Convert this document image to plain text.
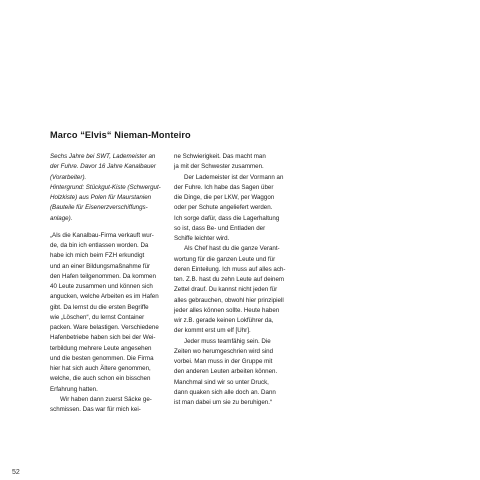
Marco “Elvis“ Nieman-Monteiro
Sechs Jahre bei SWT, Lademeister an
der Fuhre. Davor 16 Jahre Kanalbauer
(Vorarbeiter).
Hintergrund: Stückgut-Kiste (Schwergut-
Holzkiste) aus Polen für Maurstanien
(Bauteile für Eisenerzverschiffungs-
anlage).
„Als die Kanalbau-Firma verkauft wur-
de, da bin ich entlassen worden. Da
habe ich mich beim FZH erkundigt
und an einer Bildungsmaßnahme für
den Hafen teilgenommen. Da kommen
40 Leute zusammen und können sich
angucken, welche Arbeiten es im Hafen
gibt. Da lernst du die ersten Begriffe
wie „Löschen“, du lernst Container
packen. Ware belastigen. Verschiedene
Hafenbetriebe haben sich bei der Wei-
terbildung mehrere Leute angesehen
und die besten genommen. Die Firma
hier hat sich auch Ältere genommen,
welche, die auch schon ein bisschen
Erfahrung hatten.
Wir haben dann zuerst Säcke ge-
schmissen. Das war für mich kei-
ne Schwierigkeit. Das macht man
ja mit der Schwester zusammen.
Der Lademeister ist der Vormann an
der Fuhre. Ich habe das Sagen über
die Dinge, die per LKW, per Waggon
oder per Schute angeliefert werden.
Ich sorge dafür, dass die Lagerhaltung
so ist, dass Be- und Entladen der
Schiffe leichter wird.
Als Chef hast du die ganze Verant-
wortung für die ganzen Leute und für
deren Einteilung. Ich muss auf alles ach-
ten. Z.B. hast du zehn Leute auf deinem
Zettel drauf. Du kannst nicht jeden für
alles gebrauchen, obwohl hier prinzipiell
jeder alles können sollte. Heute haben
wir z.B. gerade keinen Lokführer da,
der kommt erst um elf [Uhr].
Jeder muss teamfähig sein. Die
Zeiten wo herumgeschrien wird sind
vorbei. Man muss in der Gruppe mit
den anderen Leuten arbeiten können.
Manchmal sind wir so unter Druck,
dann quaken sich alle doch an. Dann
ist man dabei um sie zu beruhigen.“
52
